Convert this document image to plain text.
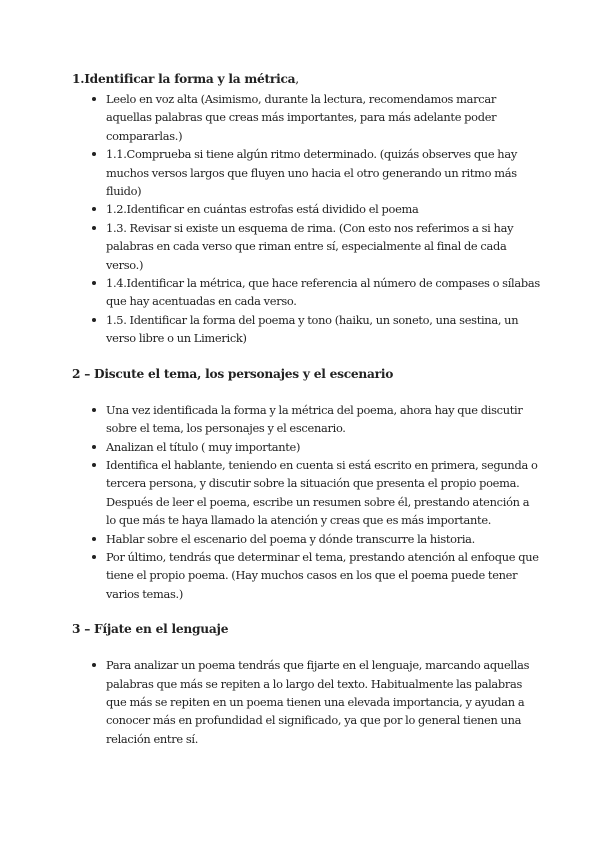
1.Identificar la forma y la métrica,

Leelo en voz alta (Asimismo, durante la lectura, recomendamos marcar aquellas palabras que creas más importantes, para más adelante poder compararlas.)
1.1.Comprueba si tiene algún ritmo determinado. (quizás observes que hay muchos versos largos que fluyen uno hacia el otro generando un ritmo más fluido)
1.2.Identificar en cuántas estrofas está dividido el poema
1.3. Revisar si existe un esquema de rima. (Con esto nos referimos a si hay palabras en cada verso que riman entre sí, especialmente al final de cada verso.)
1.4.Identificar la métrica, que hace referencia al número de compases o sílabas que hay acentuadas en cada verso.
1.5. Identificar la forma del poema y tono (haiku, un soneto, una sestina, un verso libre o un Limerick)

2 – Discute el tema, los personajes y el escenario

Una vez identificada la forma y la métrica del poema, ahora hay que discutir sobre el tema, los personajes y el escenario.
Analizan el título ( muy importante)
Identifica el hablante, teniendo en cuenta si está escrito en primera, segunda o tercera persona, y discutir sobre la situación que presenta el propio poema. Después de leer el poema, escribe un resumen sobre él, prestando atención a lo que más te haya llamado la atención y creas que es más importante.
Hablar sobre el escenario del poema y dónde transcurre la historia.
Por último, tendrás que determinar el tema, prestando atención al enfoque que tiene el propio poema. (Hay muchos casos en los que el poema puede tener varios temas.)

3 – Fíjate en el lenguaje

Para analizar un poema tendrás que fijarte en el lenguaje, marcando aquellas palabras que más se repiten a lo largo del texto. Habitualmente las palabras que más se repiten en un poema tienen una elevada importancia, y ayudan a conocer más en profundidad el significado, ya que por lo general tienen una relación entre sí.
